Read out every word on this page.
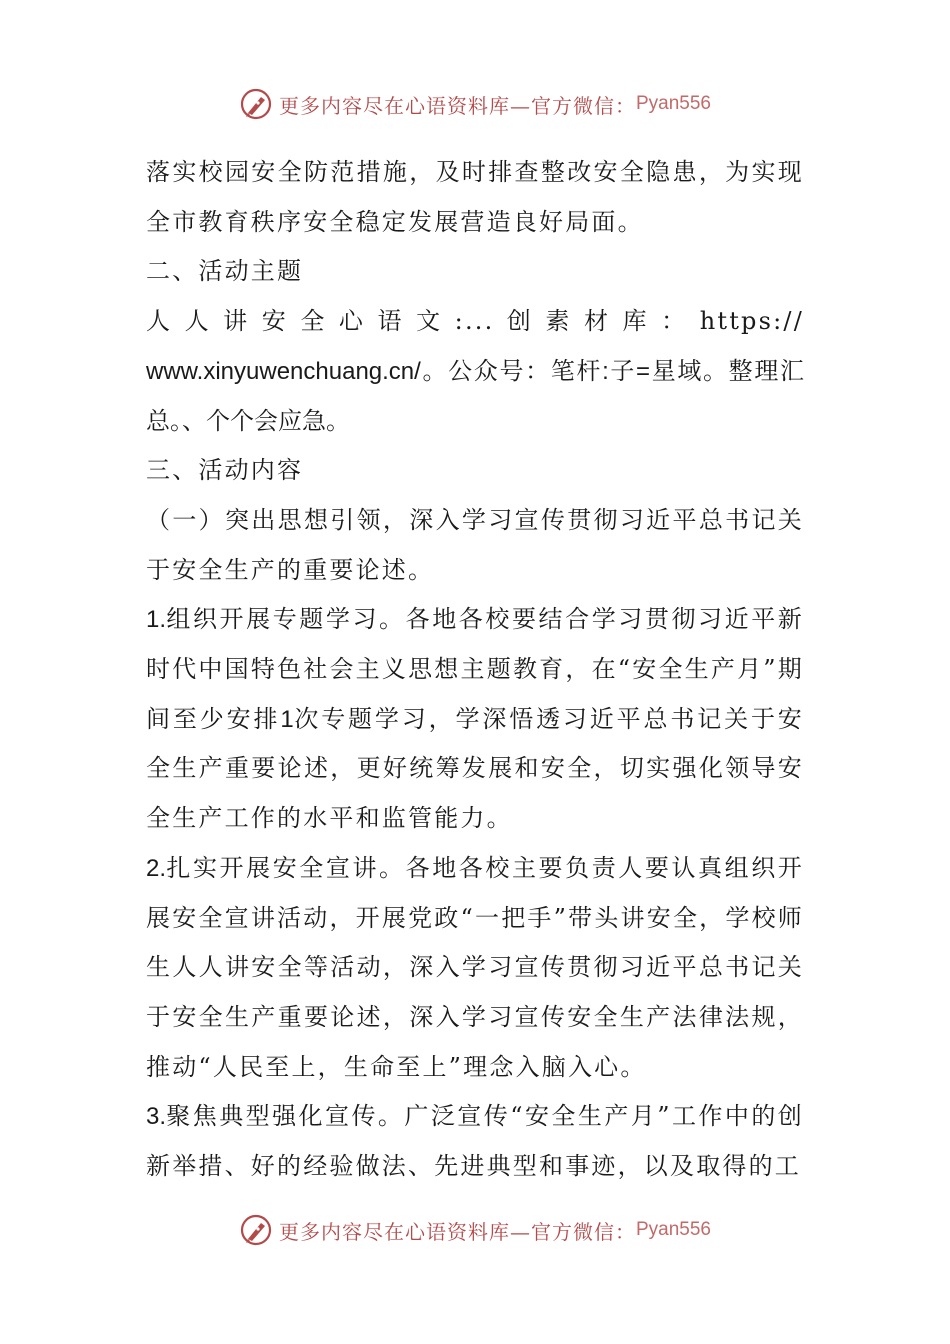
更多内容尽在心语资料库—官方微信： Pyan556

落实校园安全防范措施，及时排查整改安全隐患，为实现全市教育秩序安全稳定发展营造良好局面。

二、活动主题

人人讲安全心语文:...创素材库：https://

www.xinyuwenchuang.cn/。公众号：笔杆:子=星域。整理汇总。、个个会应急。

三、活动内容

（一）突出思想引领，深入学习宣传贯彻习近平总书记关于安全生产的重要论述。

1.组织开展专题学习。各地各校要结合学习贯彻习近平新时代中国特色社会主义思想主题教育，在“安全生产月”期间至少安排1次专题学习，学深悟透习近平总书记关于安全生产重要论述，更好统筹发展和安全，切实强化领导安全生产工作的水平和监管能力。

2.扎实开展安全宣讲。各地各校主要负责人要认真组织开展安全宣讲活动，开展党政“一把手”带头讲安全，学校师生人人讲安全等活动，深入学习宣传贯彻习近平总书记关于安全生产重要论述，深入学习宣传安全生产法律法规，推动“人民至上，生命至上”理念入脑入心。

3.聚焦典型强化宣传。广泛宣传“安全生产月”工作中的创新举措、好的经验做法、先进典型和事迹，以及取得的工

更多内容尽在心语资料库—官方微信： Pyan556
